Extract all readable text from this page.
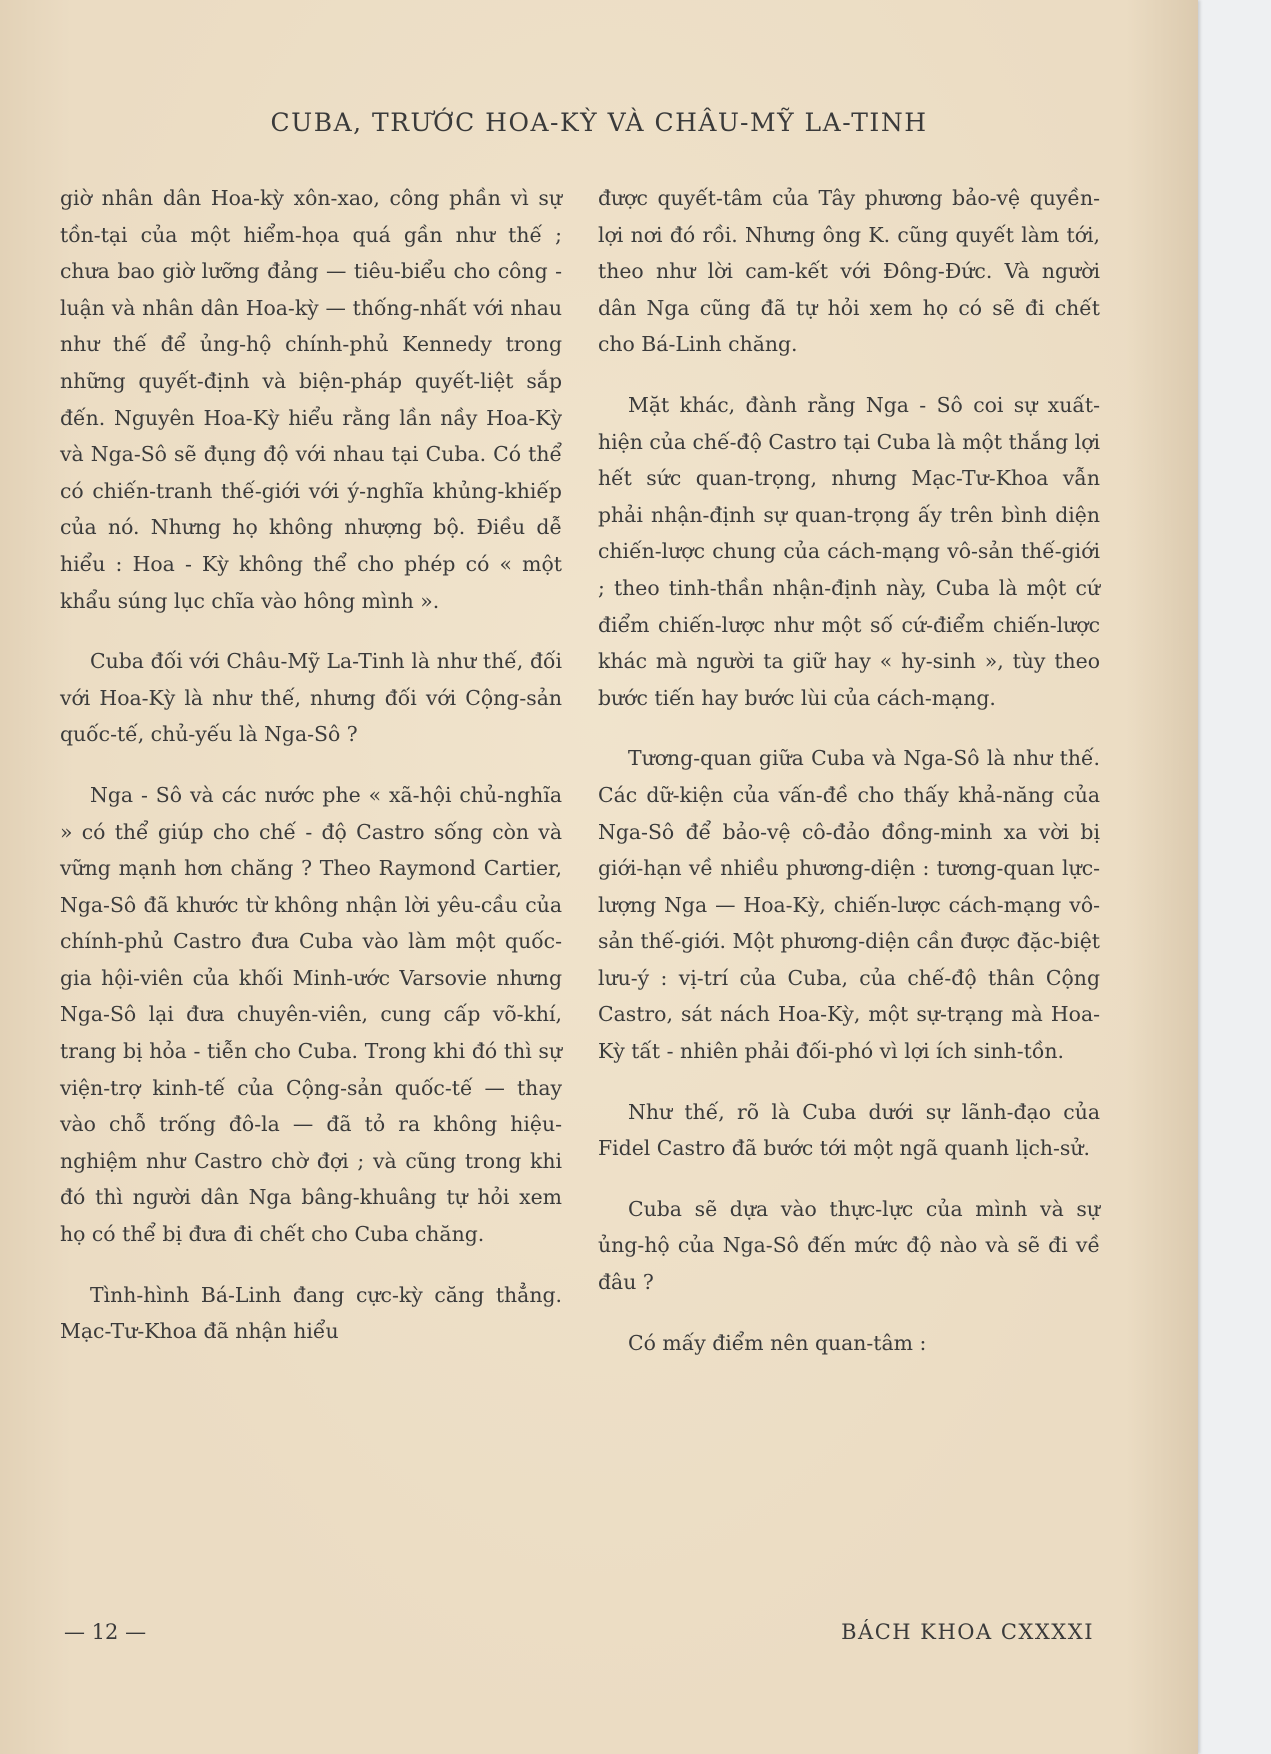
CUBA, TRƯỚC HOA-KỲ VÀ CHÂU-MỸ LA-TINH

giờ nhân dân Hoa-kỳ xôn-xao, công phần vì sự tồn-tại của một hiểm-họa quá gần như thế ; chưa bao giờ lưỡng đảng — tiêu-biểu cho công - luận và nhân dân Hoa-kỳ — thống-nhất với nhau như thế để ủng-hộ chính-phủ Kennedy trong những quyết-định và biện-pháp quyết-liệt sắp đến. Nguyên Hoa-Kỳ hiểu rằng lần nầy Hoa-Kỳ và Nga-Sô sẽ đụng độ với nhau tại Cuba. Có thể có chiến-tranh thế-giới với ý-nghĩa khủng-khiếp của nó. Nhưng họ không nhượng bộ. Điều dễ hiểu : Hoa - Kỳ không thể cho phép có « một khẩu súng lục chĩa vào hông mình ».

Cuba đối với Châu-Mỹ La-Tinh là như thế, đối với Hoa-Kỳ là như thế, nhưng đối với Cộng-sản quốc-tế, chủ-yếu là Nga-Sô ?

Nga - Sô và các nước phe « xã-hội chủ-nghĩa » có thể giúp cho chế - độ Castro sống còn và vững mạnh hơn chăng ? Theo Raymond Cartier, Nga-Sô đã khước từ không nhận lời yêu-cầu của chính-phủ Castro đưa Cuba vào làm một quốc-gia hội-viên của khối Minh-ước Varsovie nhưng Nga-Sô lại đưa chuyên-viên, cung cấp võ-khí, trang bị hỏa - tiễn cho Cuba. Trong khi đó thì sự viện-trợ kinh-tế của Cộng-sản quốc-tế — thay vào chỗ trống đô-la — đã tỏ ra không hiệu-nghiệm như Castro chờ đợi ; và cũng trong khi đó thì người dân Nga bâng-khuâng tự hỏi xem họ có thể bị đưa đi chết cho Cuba chăng.

Tình-hình Bá-Linh đang cực-kỳ căng thẳng. Mạc-Tư-Khoa đã nhận hiểu

được quyết-tâm của Tây phương bảo-vệ quyền-lợi nơi đó rồi. Nhưng ông K. cũng quyết làm tới, theo như lời cam-kết với Đông-Đức. Và người dân Nga cũng đã tự hỏi xem họ có sẽ đi chết cho Bá-Linh chăng.

Mặt khác, đành rằng Nga - Sô coi sự xuất-hiện của chế-độ Castro tại Cuba là một thắng lợi hết sức quan-trọng, nhưng Mạc-Tư-Khoa vẫn phải nhận-định sự quan-trọng ấy trên bình diện chiến-lược chung của cách-mạng vô-sản thế-giới ; theo tinh-thần nhận-định này, Cuba là một cứ điểm chiến-lược như một số cứ-điểm chiến-lược khác mà người ta giữ hay « hy-sinh », tùy theo bước tiến hay bước lùi của cách-mạng.

Tương-quan giữa Cuba và Nga-Sô là như thế. Các dữ-kiện của vấn-đề cho thấy khả-năng của Nga-Sô để bảo-vệ cô-đảo đồng-minh xa vời bị giới-hạn về nhiều phương-diện : tương-quan lực-lượng Nga — Hoa-Kỳ, chiến-lược cách-mạng vô-sản thế-giới. Một phương-diện cần được đặc-biệt lưu-ý : vị-trí của Cuba, của chế-độ thân Cộng Castro, sát nách Hoa-Kỳ, một sự-trạng mà Hoa-Kỳ tất - nhiên phải đối-phó vì lợi ích sinh-tồn.

Như thế, rõ là Cuba dưới sự lãnh-đạo của Fidel Castro đã bước tới một ngã quanh lịch-sử.

Cuba sẽ dựa vào thực-lực của mình và sự ủng-hộ của Nga-Sô đến mức độ nào và sẽ đi về đâu ?

Có mấy điểm nên quan-tâm :

— 12 —	BÁCH KHOA CXXXXI
